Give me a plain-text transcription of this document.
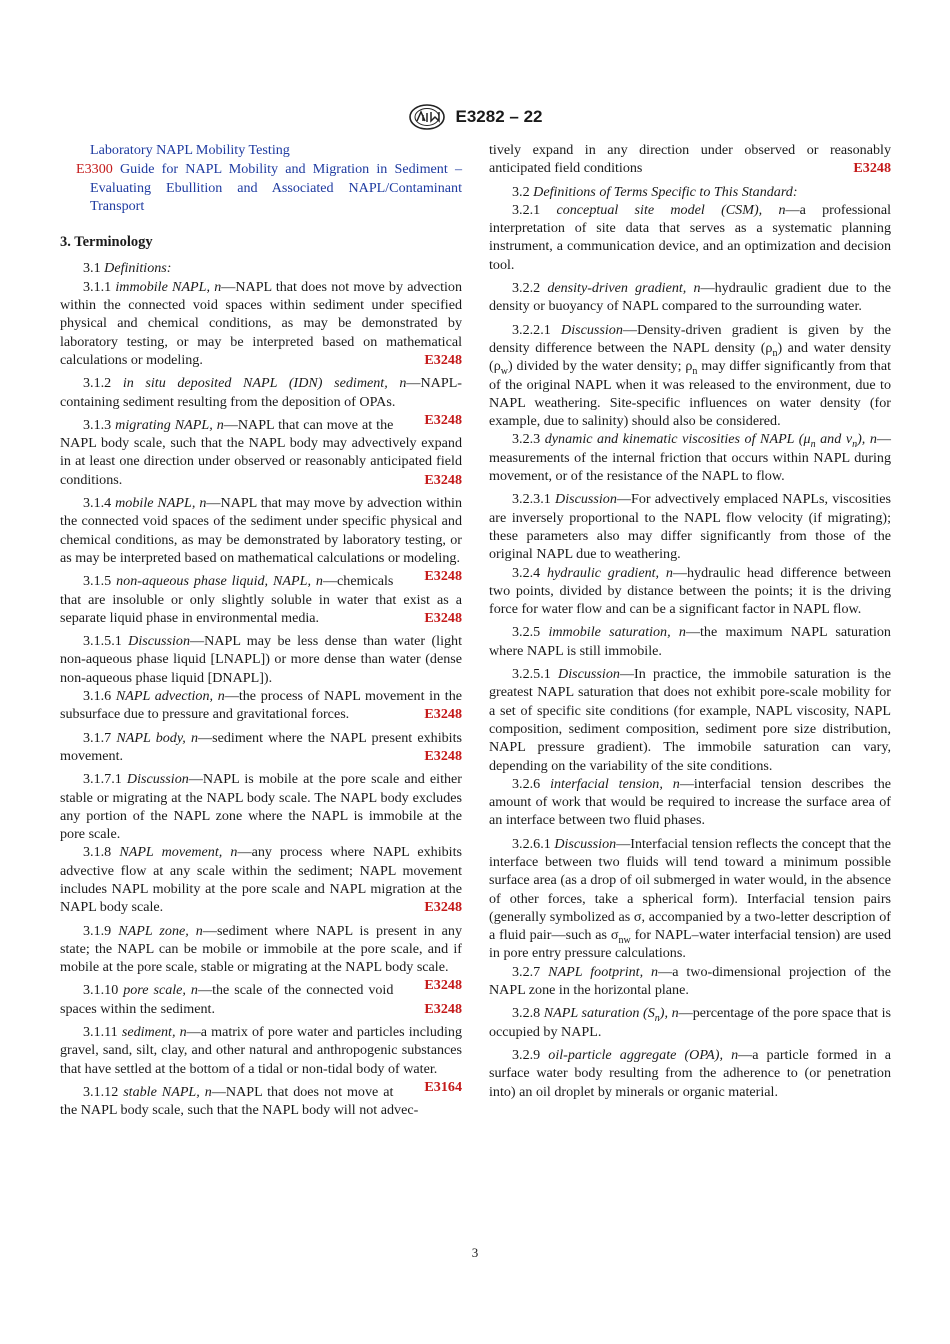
E3282 – 22

Laboratory NAPL Mobility Testing

E3300 Guide for NAPL Mobility and Migration in Sediment – Evaluating Ebullition and Associated NAPL/Contaminant Transport

3. Terminology

3.1 Definitions:

3.1.1 immobile NAPL, n—NAPL that does not move by advection within the connected void spaces within sediment under specified physical and chemical conditions, as may be demonstrated by laboratory testing, or may be interpreted based on mathematical calculations or modeling.	E3248

3.1.2 in situ deposited NAPL (IDN) sediment, n—NAPL-containing sediment resulting from the deposition of OPAs.
E3248

3.1.3 migrating NAPL, n—NAPL that can move at the NAPL body scale, such that the NAPL body may advectively expand in at least one direction under observed or reasonably anticipated field conditions.	E3248

3.1.4 mobile NAPL, n—NAPL that may move by advection within the connected void spaces of the sediment under specific physical and chemical conditions, as may be demonstrated by laboratory testing, or as may be interpreted based on mathematical calculations or modeling.
E3248

3.1.5 non-aqueous phase liquid, NAPL, n—chemicals that are insoluble or only slightly soluble in water that exist as a separate liquid phase in environmental media.	E3248

3.1.5.1 Discussion—NAPL may be less dense than water (light non-aqueous phase liquid [LNAPL]) or more dense than water (dense non-aqueous phase liquid [DNAPL]).

3.1.6 NAPL advection, n—the process of NAPL movement in the subsurface due to pressure and gravitational forces.	E3248

3.1.7 NAPL body, n—sediment where the NAPL present exhibits movement.	E3248

3.1.7.1 Discussion—NAPL is mobile at the pore scale and either stable or migrating at the NAPL body scale. The NAPL body excludes any portion of the NAPL zone where the NAPL is immobile at the pore scale.

3.1.8 NAPL movement, n—any process where NAPL exhibits advective flow at any scale within the sediment; NAPL movement includes NAPL mobility at the pore scale and NAPL migration at the NAPL body scale.	E3248

3.1.9 NAPL zone, n—sediment where NAPL is present in any state; the NAPL can be mobile or immobile at the pore scale, and if mobile at the pore scale, stable or migrating at the NAPL body scale.
E3248

3.1.10 pore scale, n—the scale of the connected void spaces within the sediment.	E3248

3.1.11 sediment, n—a matrix of pore water and particles including gravel, sand, silt, clay, and other natural and anthropogenic substances that have settled at the bottom of a tidal or non-tidal body of water.
E3164

3.1.12 stable NAPL, n—NAPL that does not move at the NAPL body scale, such that the NAPL body will not advec-

tively expand in any direction under observed or reasonably anticipated field conditions	E3248

3.2 Definitions of Terms Specific to This Standard:

3.2.1 conceptual site model (CSM), n—a professional interpretation of site data that serves as a systematic planning instrument, a communication device, and an optimization and decision tool.

3.2.2 density-driven gradient, n—hydraulic gradient due to the density or buoyancy of NAPL compared to the surrounding water.

3.2.2.1 Discussion—Density-driven gradient is given by the density difference between the NAPL density $(\rho_n)$ and water density $(\rho_w)$ divided by the water density; $\rho_n$ may differ significantly from that of the original NAPL when it was released to the environment, due to NAPL weathering. Site-specific influences on water density (for example, due to salinity) should also be considered.

3.2.3 dynamic and kinematic viscosities of NAPL ($\mu_n$ and $\nu_n$), n—measurements of the internal friction that occurs within NAPL during movement, or of the resistance of the NAPL to flow.

3.2.3.1 Discussion—For advectively emplaced NAPLs, viscosities are inversely proportional to the NAPL flow velocity (if migrating); these parameters also may differ significantly from those of the original NAPL due to weathering.

3.2.4 hydraulic gradient, n—hydraulic head difference between two points, divided by distance between the points; it is the driving force for water flow and can be a significant factor in NAPL flow.

3.2.5 immobile saturation, n—the maximum NAPL saturation where NAPL is still immobile.

3.2.5.1 Discussion—In practice, the immobile saturation is the greatest NAPL saturation that does not exhibit pore-scale mobility for a set of specific site conditions (for example, NAPL viscosity, NAPL composition, sediment composition, sediment pore size distribution, NAPL pressure gradient). The immobile saturation can vary, depending on the variability of the site conditions.

3.2.6 interfacial tension, n—interfacial tension describes the amount of work that would be required to increase the surface area of an interface between two fluid phases.

3.2.6.1 Discussion—Interfacial tension reflects the concept that the interface between two fluids will tend toward a minimum possible surface area (as a drop of oil submerged in water would, in the absence of other forces, take a spherical form). Interfacial tension pairs (generally symbolized as σ, accompanied by a two-letter description of a fluid pair—such as $\sigma_{nw}$ for NAPL–water interfacial tension) are used in pore entry pressure calculations.

3.2.7 NAPL footprint, n—a two-dimensional projection of the NAPL zone in the horizontal plane.

3.2.8 NAPL saturation $(S_n)$, n—percentage of the pore space that is occupied by NAPL.

3.2.9 oil-particle aggregate (OPA), n—a particle formed in a surface water body resulting from the adherence to (or penetration into) an oil droplet by minerals or organic material.

3
